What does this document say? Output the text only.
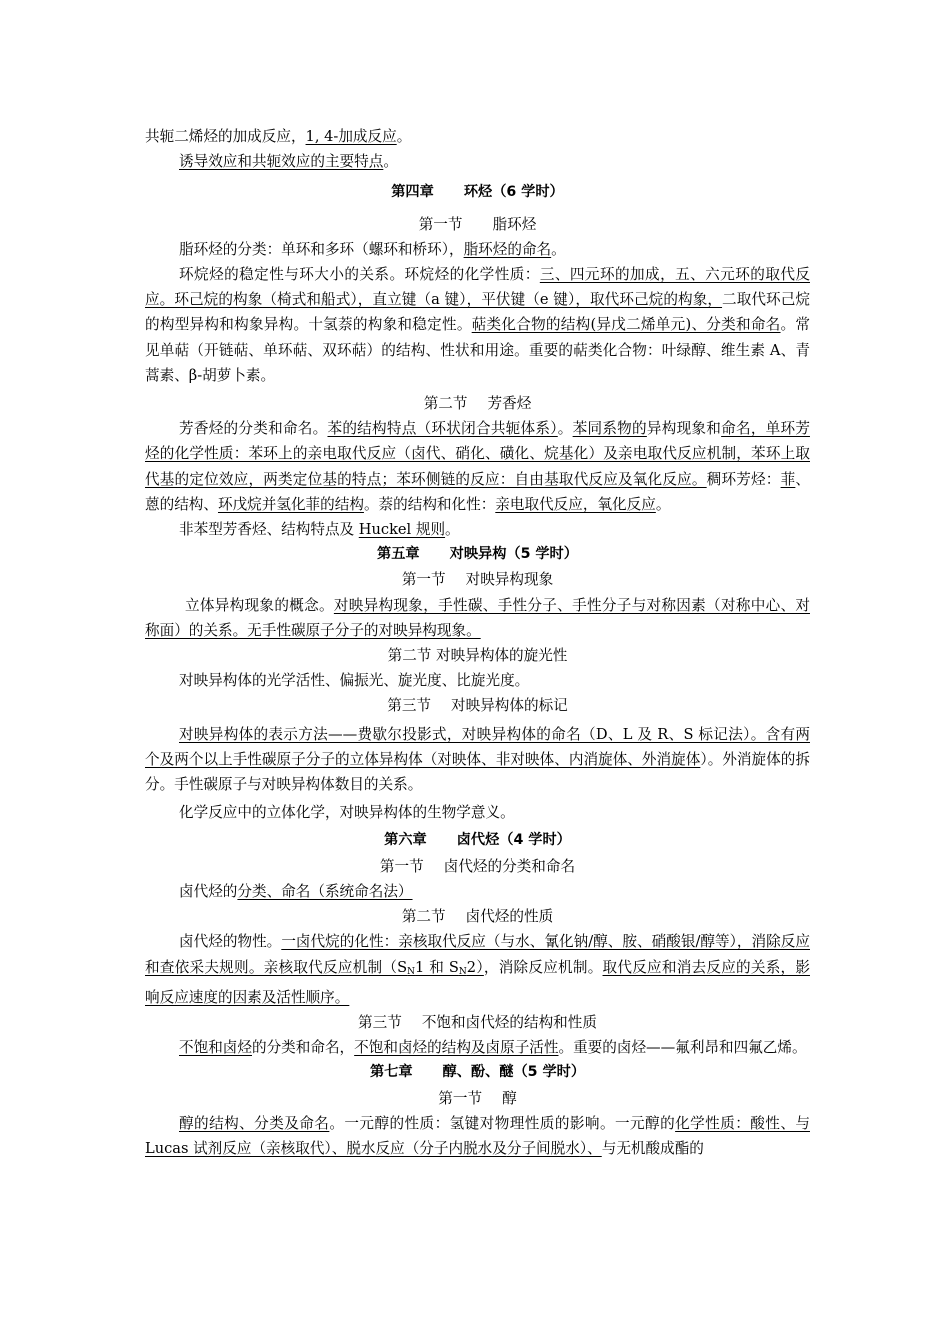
共轭二烯烃的加成反应，1, 4-加成反应。

诱导效应和共轭效应的主要特点。

第四章 环烃（6 学时）

第一节 脂环烃

脂环烃的分类：单环和多环（螺环和桥环），脂环烃的命名。

环烷烃的稳定性与环大小的关系。环烷烃的化学性质：三、四元环的加成，五、六元环的取代反应。环己烷的构象（椅式和船式），直立键（a 键），平伏键（e 键），取代环己烷的构象，二取代环己烷的构型异构和构象异构。十氢萘的构象和稳定性。萜类化合物的结构(异戊二烯单元)、分类和命名。常见单萜（开链萜、单环萜、双环萜）的结构、性状和用途。重要的萜类化合物：叶绿醇、维生素 A、青蒿素、β-胡萝卜素。

第二节 芳香烃

芳香烃的分类和命名。苯的结构特点（环状闭合共轭体系）。苯同系物的异构现象和命名，单环芳烃的化学性质：苯环上的亲电取代反应（卤代、硝化、磺化、烷基化）及亲电取代反应机制，苯环上取代基的定位效应，两类定位基的特点；苯环侧链的反应：自由基取代反应及氧化反应。稠环芳烃：菲、蒽的结构、环戊烷并氢化菲的结构。萘的结构和化性：亲电取代反应，氧化反应。

非苯型芳香烃、结构特点及 Huckel 规则。

第五章 对映异构（5 学时）

第一节 对映异构现象

立体异构现象的概念。对映异构现象，手性碳、手性分子、手性分子与对称因素（对称中心、对称面）的关系。无手性碳原子分子的对映异构现象。

第二节 对映异构体的旋光性

对映异构体的光学活性、偏振光、旋光度、比旋光度。

第三节 对映异构体的标记

对映异构体的表示方法——费歇尔投影式，对映异构体的命名（D、L 及 R、S 标记法）。含有两个及两个以上手性碳原子分子的立体异构体（对映体、非对映体、内消旋体、外消旋体）。外消旋体的拆分。手性碳原子与对映异构体数目的关系。

化学反应中的立体化学，对映异构体的生物学意义。

第六章 卤代烃（4 学时）

第一节 卤代烃的分类和命名

卤代烃的分类、命名（系统命名法）

第二节 卤代烃的性质

卤代烃的物性。一卤代烷的化性：亲核取代反应（与水、氰化钠/醇、胺、硝酸银/醇等），消除反应和查依采夫规则。亲核取代反应机制（$S_N1$ 和 $S_N2$），消除反应机制。取代反应和消去反应的关系，影响反应速度的因素及活性顺序。

第三节 不饱和卤代烃的结构和性质

不饱和卤烃的分类和命名，不饱和卤烃的结构及卤原子活性。重要的卤烃——氟利昂和四氟乙烯。

第七章 醇、酚、醚（5 学时）

第一节 醇

醇的结构、分类及命名。一元醇的性质：氢键对物理性质的影响。一元醇的化学性质：酸性、与 Lucas 试剂反应（亲核取代）、脱水反应（分子内脱水及分子间脱水）、与无机酸成酯的
